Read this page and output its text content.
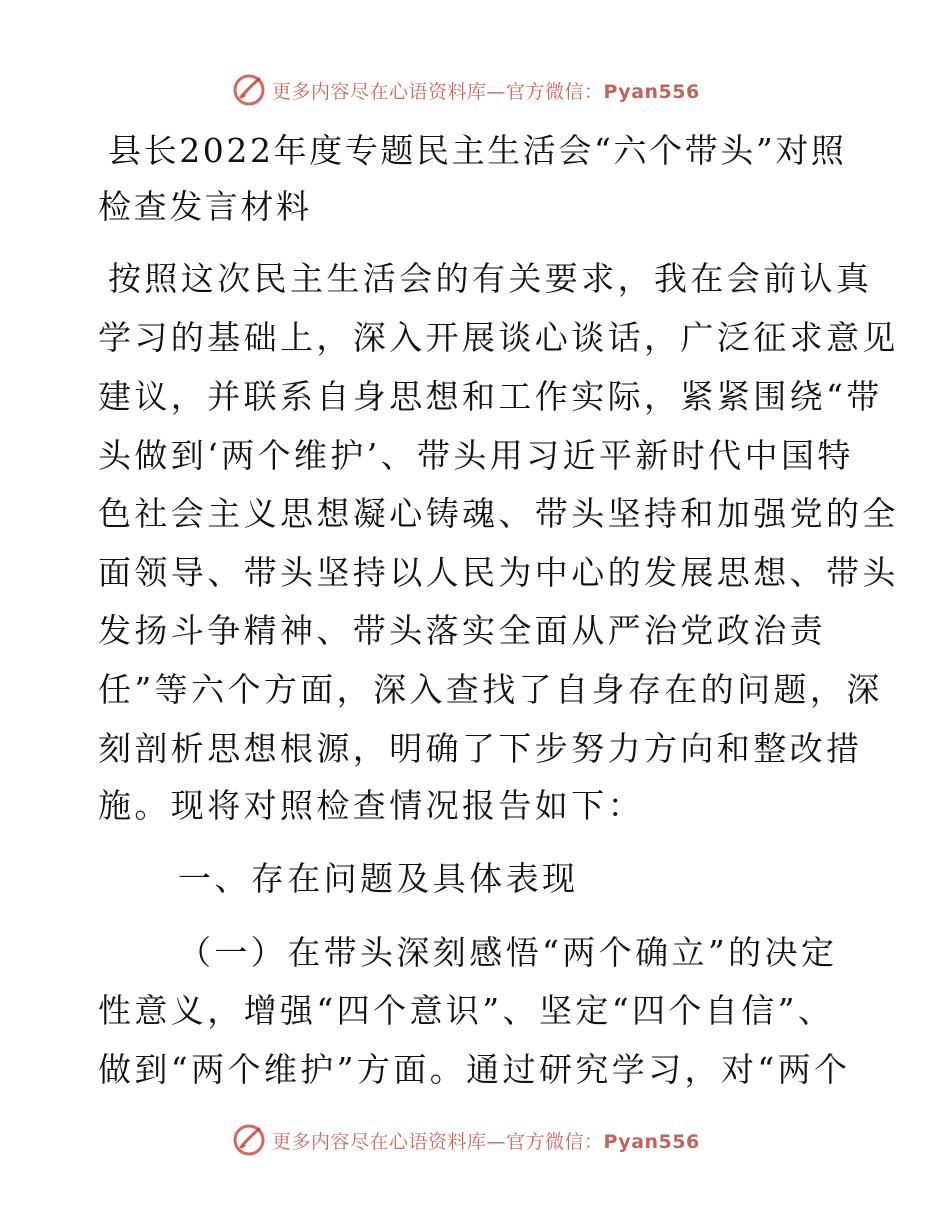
更多内容尽在心语资料库—官方微信：Pyan556
县长2022年度专题民主生活会“六个带头”对照
检查发言材料
按照这次民主生活会的有关要求，我在会前认真
学习的基础上，深入开展谈心谈话，广泛征求意见
建议，并联系自身思想和工作实际，紧紧围绕“带
头做到‘两个维护’、带头用习近平新时代中国特
色社会主义思想凝心铸魂、带头坚持和加强党的全
面领导、带头坚持以人民为中心的发展思想、带头
发扬斗争精神、带头落实全面从严治党政治责
任”等六个方面，深入查找了自身存在的问题，深
刻剖析思想根源，明确了下步努力方向和整改措
施。现将对照检查情况报告如下：
一、存在问题及具体表现
（一）在带头深刻感悟“两个确立”的决定
性意义，增强“四个意识”、坚定“四个自信”、
做到“两个维护”方面。通过研究学习，对“两个
更多内容尽在心语资料库—官方微信：Pyan556
